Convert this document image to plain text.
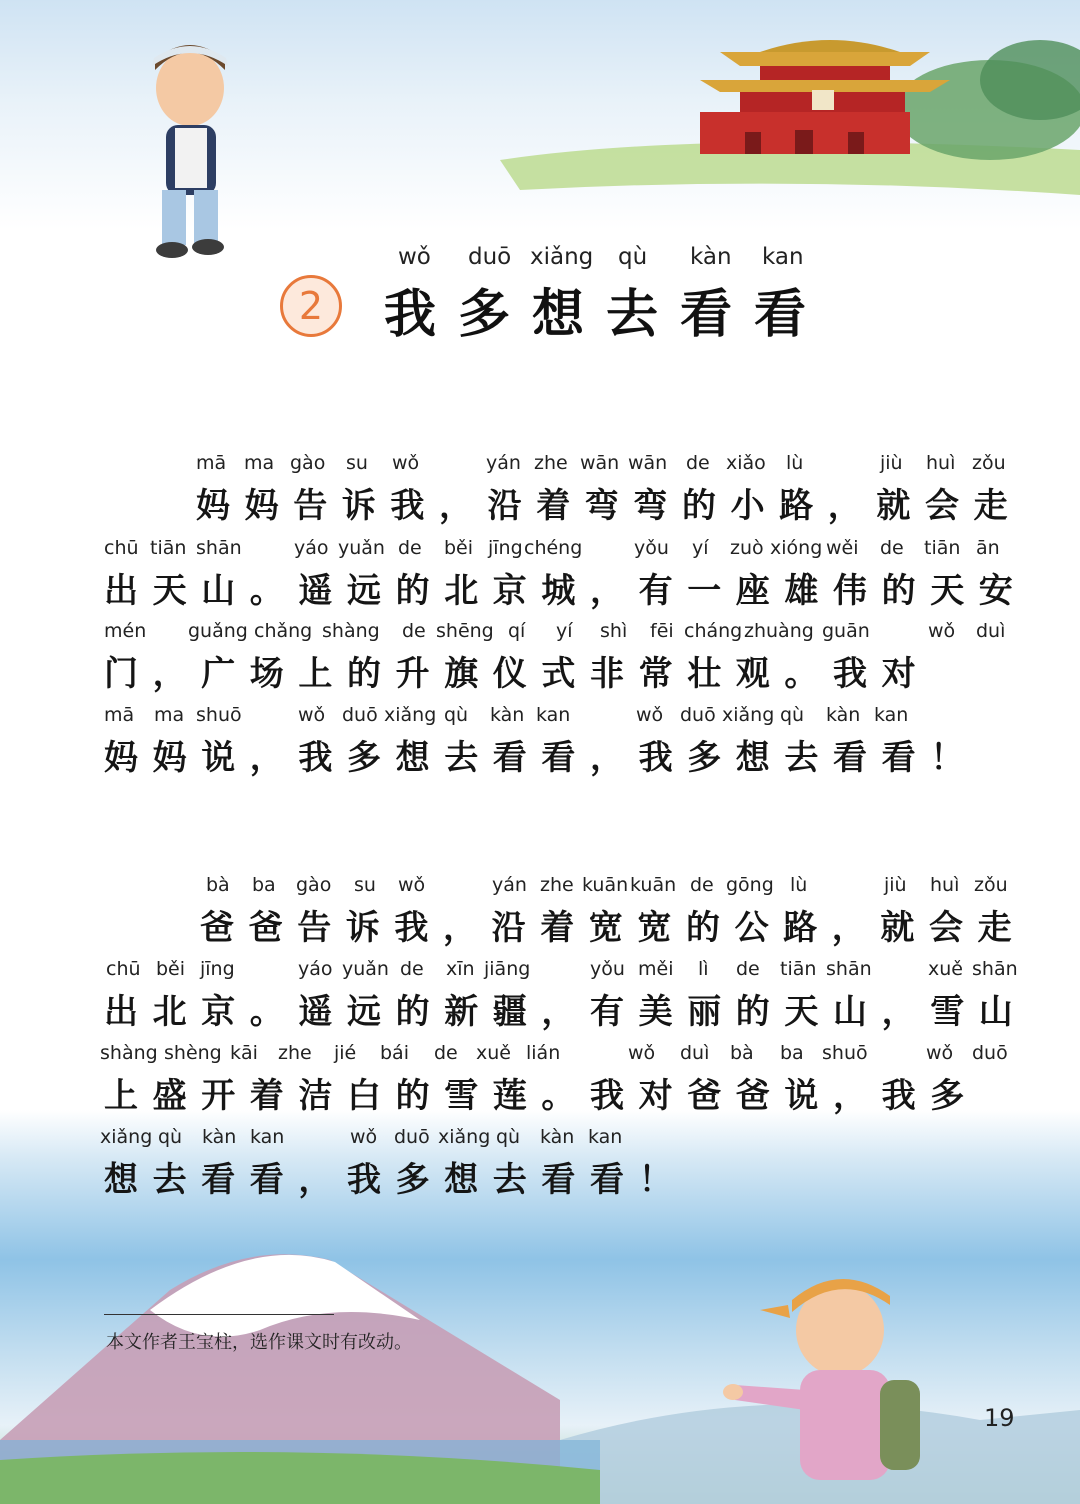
wǒ duō xiǎng qù kàn kan
2	我多想去看看
mā ma gào su wǒ	yán zhe wān wān de xiǎo lù	jiù huì zǒu
妈妈告诉我，沿着弯弯的小路，就会走
chū tiān shān	yáo yuǎn de běi jīng chéng	yǒu yí zuò xióng wěi de tiān ān
出天山。遥远的北京城，有一座雄伟的天安
mén guǎng chǎng shàng de shēng qí yí shì fēi cháng zhuàng guān	wǒ duì
门，广场上的升旗仪式非常壮观。我对
mā ma shuō	wǒ duō xiǎng qù kàn kan	wǒ duō xiǎng qù kàn kan
妈妈说，我多想去看看，我多想去看看！
bà ba gào su wǒ	yán zhe kuān kuān de gōng lù	jiù huì zǒu
爸爸告诉我，沿着宽宽的公路，就会走
chū běi jīng	yáo yuǎn de xīn jiāng	yǒu měi lì de tiān shān	xuě shān
出北京。遥远的新疆，有美丽的天山，雪山
shàng shèng kāi zhe jié bái de xuě lián	wǒ duì bà ba shuō	wǒ duō
上盛开着洁白的雪莲。我对爸爸说，我多
xiǎng qù kàn kan	wǒ duō xiǎng qù kàn kan
想去看看，我多想去看看！
本文作者王宝柱，选作课文时有改动。
19
